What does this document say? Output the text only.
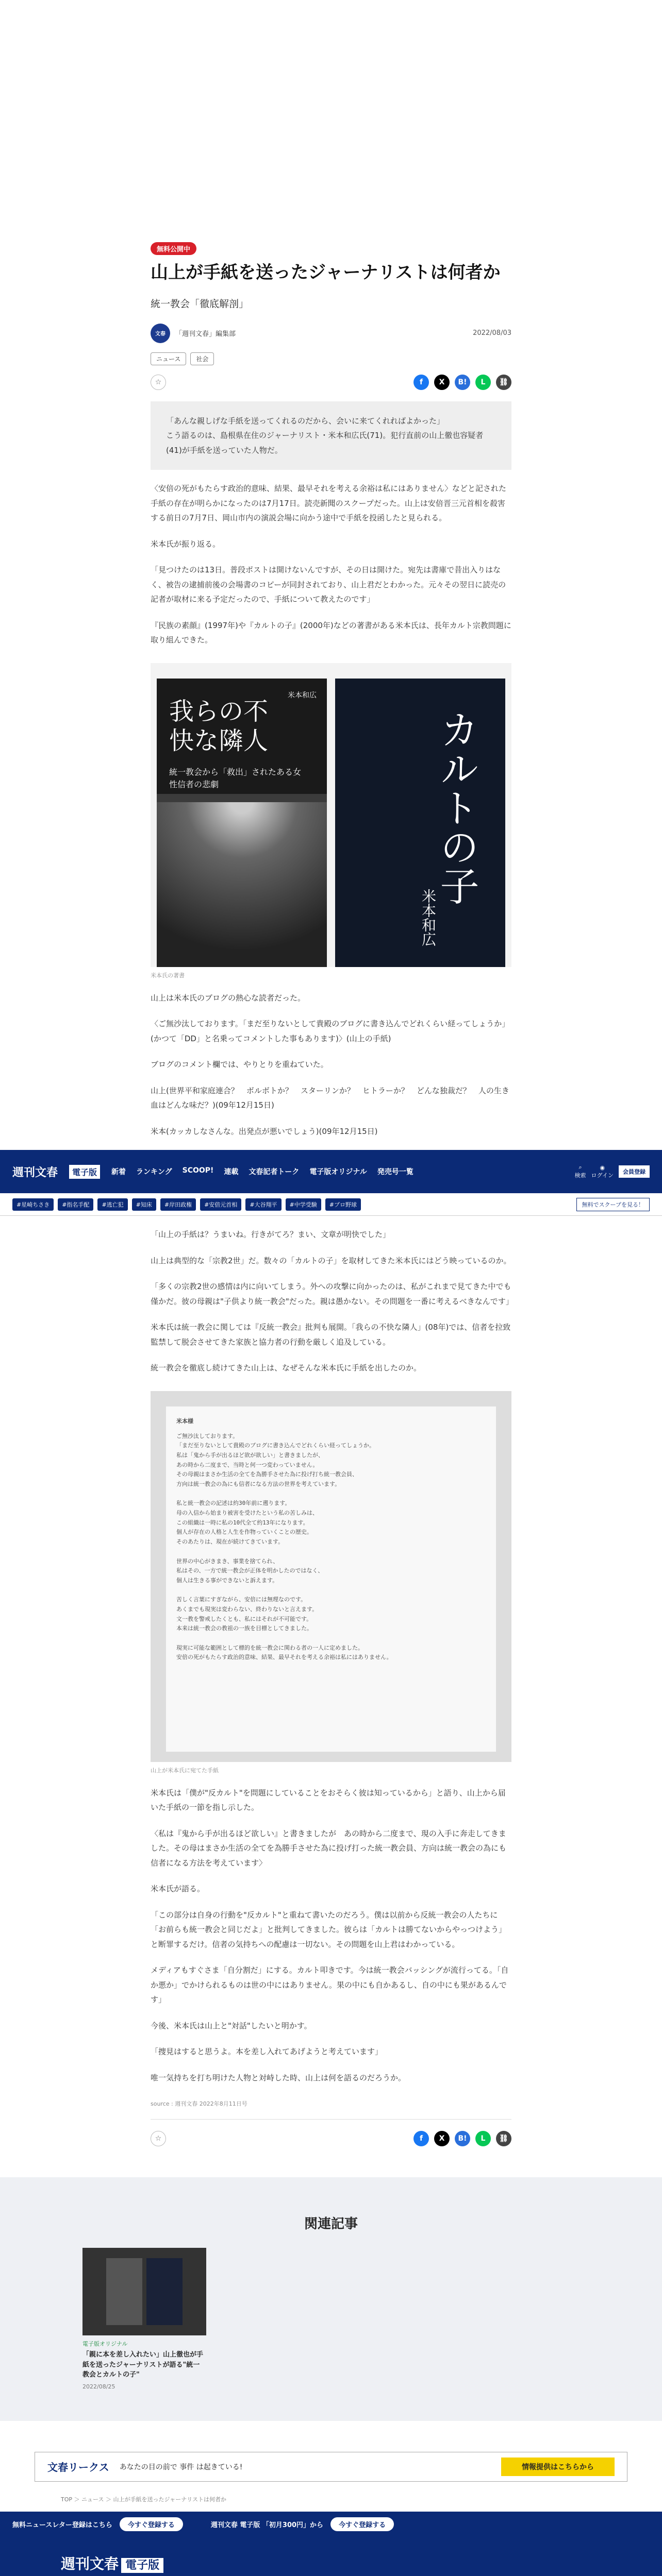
無料公開中
山上が手紙を送ったジャーナリストは何者か

統一教会「徹底解剖」

文春	「週刊文春」編集部	2022/08/03
ニュース	社会
☆	f	X	B!	L	⛓
「あんな親しげな手紙を送ってくれるのだから、会いに来てくれればよかった」
こう語るのは、島根県在住のジャーナリスト・米本和広氏(71)。犯行直前の山上徹也容疑者(41)が手紙を送っていた人物だ。

〈安倍の死がもたらす政治的意味、結果、最早それを考える余裕は私にはありません〉などと記された手紙の存在が明らかになったのは7月17日。読売新聞のスクープだった。山上は安倍晋三元首相を殺害する前日の7月7日、岡山市内の演説会場に向かう途中で手紙を投函したと見られる。

米本氏が振り返る。

「見つけたのは13日。普段ポストは開けないんですが、その日は開けた。宛先は書庫で昔出入りはなく、被告の逮捕前後の会場書のコピーが同封されており、山上君だとわかった。元々その翌日に読売の記者が取材に来る予定だったので、手紙について教えたのです」

『民族の素顔』(1997年)や『カルトの子』(2000年)などの著書がある米本氏は、長年カルト宗教問題に取り組んできた。

米本和広
我らの不快な隣人
統一教会から「救出」されたある女性信者の悲劇	カルトの子
米本和広

米本氏の著書

山上は米本氏のブログの熱心な読者だった。

〈ご無沙汰しております。「まだ至りないとして貴殿のブログに書き込んでどれくらい経ってしょうか」(かつて「DD」と名乗ってコメントした事もあります)〉(山上の手紙)

ブログのコメント欄では、やりとりを重ねていた。

山上(世界平和家庭連合？　ボルボトか？　スターリンか？　ヒトラーか？　どんな独裁だ？　人の生き血はどんな味だ？)(09年12月15日)

米本(カッカしなさんな。出発点が悪いでしょう)(09年12月15日)

週刊文春	電子版	新着 ランキング SCOOP! 連載 文春記者トーク 電子版オリジナル 発売号一覧
⌕
検索
◉
ログイン	会員登録
#星崎ちさき	#指名手配	#逃亡犯	#知床	#岸田政権	#安倍元首相	#大谷翔平	#中学受験	#プロ野球	無料でスクープを見る！

「山上の手紙は？うまいね。行きがてろ？まい、文章が明快でした」

山上は典型的な「宗教2世」だ。数々の「カルトの子」を取材してきた米本氏にはどう映っているのか。

「多くの宗教2世の感情は内に向いてしまう。外への攻撃に向かったのは、私がこれまで見てきた中でも僅かだ。彼の母親は"子供より統一教会"だった。親は愚かない。その問題を一番に考えるべきなんです」

米本氏は統一教会に関しては『反統一教会』批判も展開。「我らの不快な隣人」(08年)では、信者を拉致監禁して脱会させてきた家族と協力者の行動を厳しく追及している。

統一教会を徹底し続けてきた山上は、なぜそんな米本氏に手紙を出したのか。

米本様
ご無沙汰しております。
「まだ至りないとして貴殿のブログに書き込んでどれくらい経ってしょうか。
私は「鬼から手が出るほど欲が欲しい」と書きましたが、
あの時から二度まで、当時と何一つ変わっていません。
その母親はまさか生活の全てを為勝手させた為に投げ打ち統一教会員、
方向は統一教会の為にも信者になる方法の世界を考えています。

私と統一教会の記述は約30年前に遡ります。
母の入信から始まり被害を受けたという私の苦しみは、
この組織は一時に私の10代全て約13年になります。
個人が存在の人格と人生を作物っていくことの歴史。
そのあたりは、現在が続けてきています。

世界の中心がきまき、事業を捨てられ、
私はその、一方で統一教会が正体を明かしたのではなく、
個人は生きる事ができないと訴えます。

苦しく言葉にすぎながら、安倍には無理なのです。
あくまでも現実は変わらない、終わりないと言えます。
文一教を警戒したくとも、私にはそれが不可能です。
本来は統一教会の教祖の一族を目標としてきました。

現実に可能な範囲として標的を統一教会に関わる者の一人に定めました。
安倍の死がもたらす政治的意味、結果、最早それを考える余裕は私にはありません。

山上が米本氏に宛てた手紙

米本氏は「僕が"反カルト"を問題にしていることをおそらく彼は知っているから」と語り、山上から届いた手紙の一節を指し示した。

〈私は『鬼から手が出るほど欲しい』と書きましたが　あの時から二度まで、現の入手に奔走してきました。その母はまさか生活の全てを為勝手させた為に投げ打った統一教会員、方向は統一教会の為にも信者になる方法を考えています〉

米本氏が語る。

「この部分は自身の行動を"反カルト"と重ねて書いたのだろう。僕は以前から反統一教会の人たちに「お前らも統一教会と同じだよ」と批判してきました。彼らは「カルトは勝てないからやっつけよう」と断罪するだけ。信者の気持ちへの配慮は一切ない。その問題を山上君はわかっている。

メディアもすぐさま「自分割だ」にする。カルト叩きです。今は統一教会バッシングが流行ってる。「自か悪か」でかけられるものは世の中にはありません。果の中にも自かあるし、自の中にも果があるんです」

今後、米本氏は山上と"対話"したいと明かす。

「捜見はすると思うよ。本を差し入れてあげようと考えています」

唯一気持ちを打ち明けた人物と対峙した時、山上は何を語るのだろうか。

source : 週刊文春 2022年8月11日号

☆	f	X	B!	L	⛓
関連記事

電子版オリジナル

「親に本を差し入れたい」山上徹也が手紙を送ったジャーナリストが語る"統一教会とカルトの子"

2022/08/25

文春リークス あなたの目の前で 事件 は起きている!	情報提供はこちらから

TOP ＞ ニュース ＞ 山上が手紙を送ったジャーナリストは何者か

無料ニュースレター登録はこちら	今すぐ登録する	週刊文春 電子版 「初月300円」から	今すぐ登録する
週刊文春 電子版
